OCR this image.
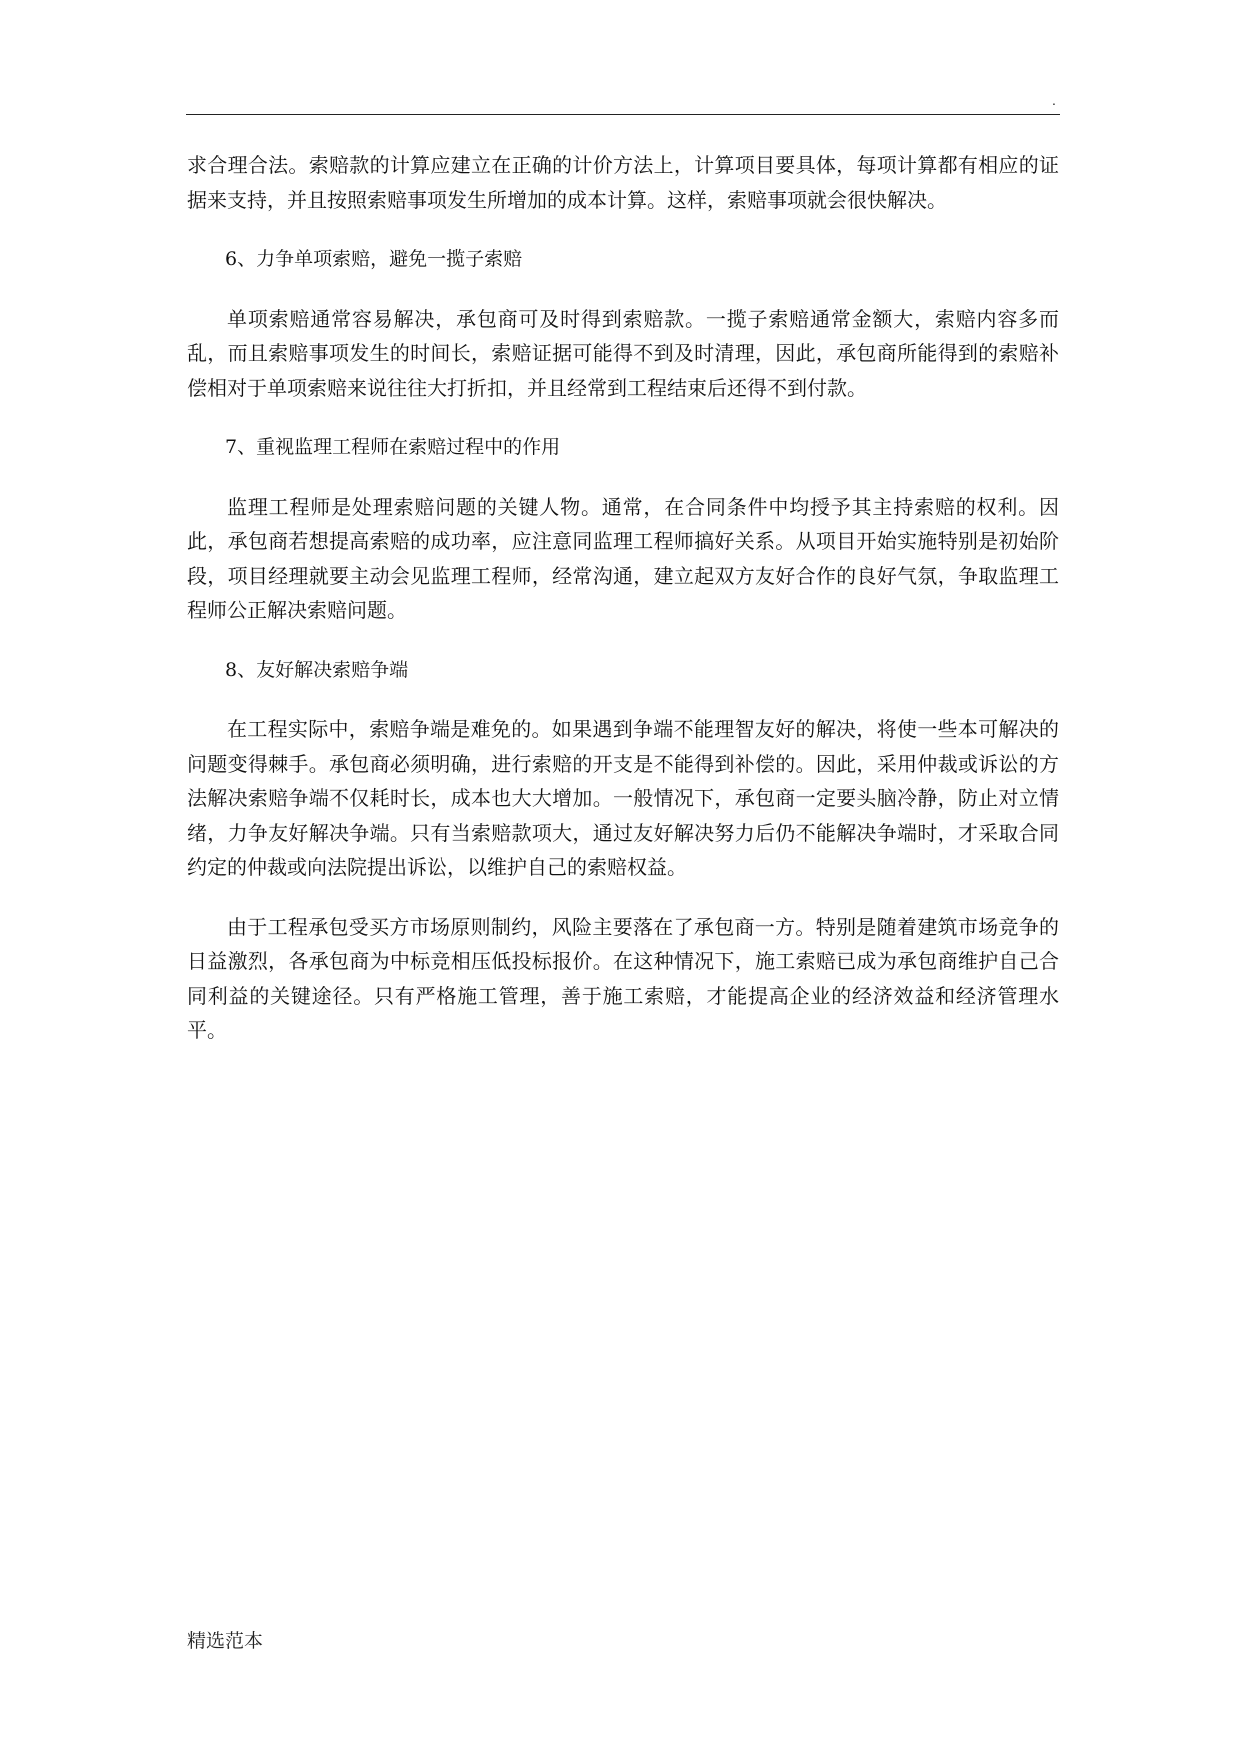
.

求合理合法。索赔款的计算应建立在正确的计价方法上，计算项目要具体，每项计算都有相应的证据来支持，并且按照索赔事项发生所增加的成本计算。这样，索赔事项就会很快解决。

6、力争单项索赔，避免一揽子索赔

单项索赔通常容易解决，承包商可及时得到索赔款。一揽子索赔通常金额大，索赔内容多而乱，而且索赔事项发生的时间长，索赔证据可能得不到及时清理，因此，承包商所能得到的索赔补偿相对于单项索赔来说往往大打折扣，并且经常到工程结束后还得不到付款。

7、重视监理工程师在索赔过程中的作用

监理工程师是处理索赔问题的关键人物。通常，在合同条件中均授予其主持索赔的权利。因此，承包商若想提高索赔的成功率，应注意同监理工程师搞好关系。从项目开始实施特别是初始阶段，项目经理就要主动会见监理工程师，经常沟通，建立起双方友好合作的良好气氛，争取监理工程师公正解决索赔问题。

8、友好解决索赔争端

在工程实际中，索赔争端是难免的。如果遇到争端不能理智友好的解决，将使一些本可解决的问题变得棘手。承包商必须明确，进行索赔的开支是不能得到补偿的。因此，采用仲裁或诉讼的方法解决索赔争端不仅耗时长，成本也大大增加。一般情况下，承包商一定要头脑冷静，防止对立情绪，力争友好解决争端。只有当索赔款项大，通过友好解决努力后仍不能解决争端时，才采取合同约定的仲裁或向法院提出诉讼，以维护自己的索赔权益。

由于工程承包受买方市场原则制约，风险主要落在了承包商一方。特别是随着建筑市场竞争的日益激烈，各承包商为中标竞相压低投标报价。在这种情况下，施工索赔已成为承包商维护自己合同利益的关键途径。只有严格施工管理，善于施工索赔，才能提高企业的经济效益和经济管理水平。

精选范本
